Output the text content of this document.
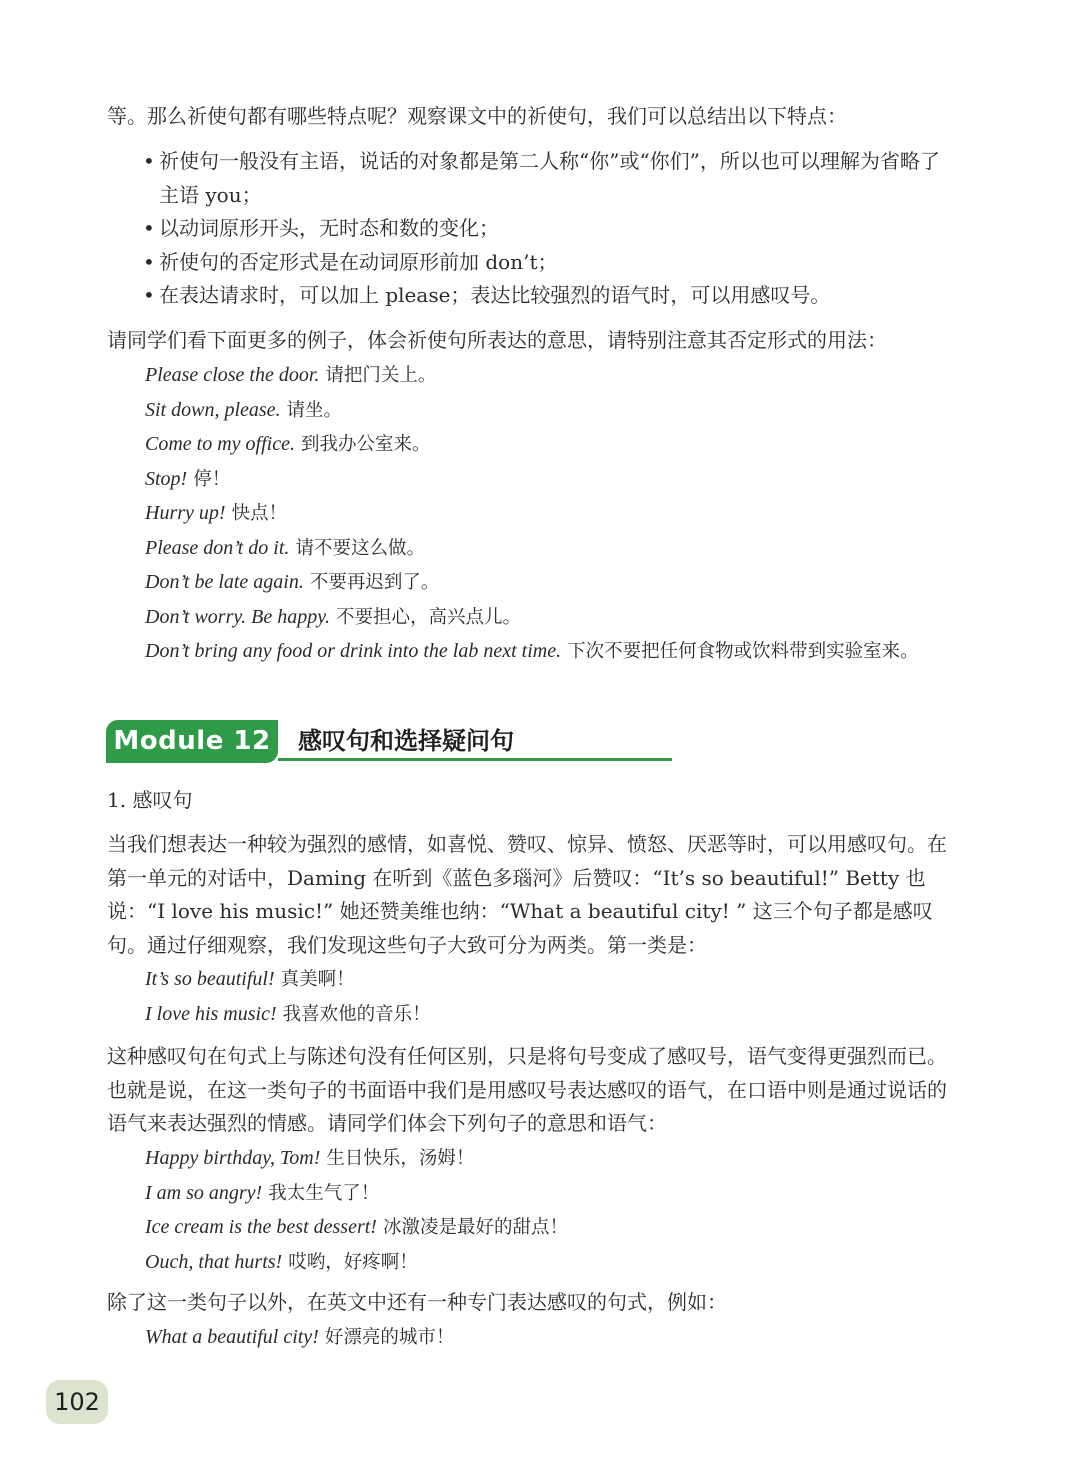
等。那么祈使句都有哪些特点呢？观察课文中的祈使句，我们可以总结出以下特点：

• 祈使句一般没有主语，说话的对象都是第二人称“你”或“你们”，所以也可以理解为省略了主语 you；
• 以动词原形开头，无时态和数的变化；
• 祈使句的否定形式是在动词原形前加 don’t；
• 在表达请求时，可以加上 please；表达比较强烈的语气时，可以用感叹号。

请同学们看下面更多的例子，体会祈使句所表达的意思，请特别注意其否定形式的用法：

Please close the door. 请把门关上。
Sit down, please. 请坐。
Come to my office. 到我办公室来。
Stop! 停！
Hurry up! 快点！
Please don’t do it. 请不要这么做。
Don’t be late again. 不要再迟到了。
Don’t worry. Be happy. 不要担心，高兴点儿。
Don’t bring any food or drink into the lab next time. 下次不要把任何食物或饮料带到实验室来。
Module 12	感叹句和选择疑问句

1. 感叹句

当我们想表达一种较为强烈的感情，如喜悦、赞叹、惊异、愤怒、厌恶等时，可以用感叹句。在第一单元的对话中，Daming 在听到《蓝色多瑙河》后赞叹：“It’s so beautiful!” Betty 也说：“I love his music!” 她还赞美维也纳：“What a beautiful city! ” 这三个句子都是感叹句。通过仔细观察，我们发现这些句子大致可分为两类。第一类是：

It’s so beautiful! 真美啊！
I love his music! 我喜欢他的音乐！

这种感叹句在句式上与陈述句没有任何区别，只是将句号变成了感叹号，语气变得更强烈而已。也就是说，在这一类句子的书面语中我们是用感叹号表达感叹的语气，在口语中则是通过说话的语气来表达强烈的情感。请同学们体会下列句子的意思和语气：

Happy birthday, Tom! 生日快乐，汤姆！
I am so angry! 我太生气了！
Ice cream is the best dessert! 冰激凌是最好的甜点！
Ouch, that hurts! 哎哟，好疼啊！

除了这一类句子以外，在英文中还有一种专门表达感叹的句式，例如：

What a beautiful city! 好漂亮的城市！
102
